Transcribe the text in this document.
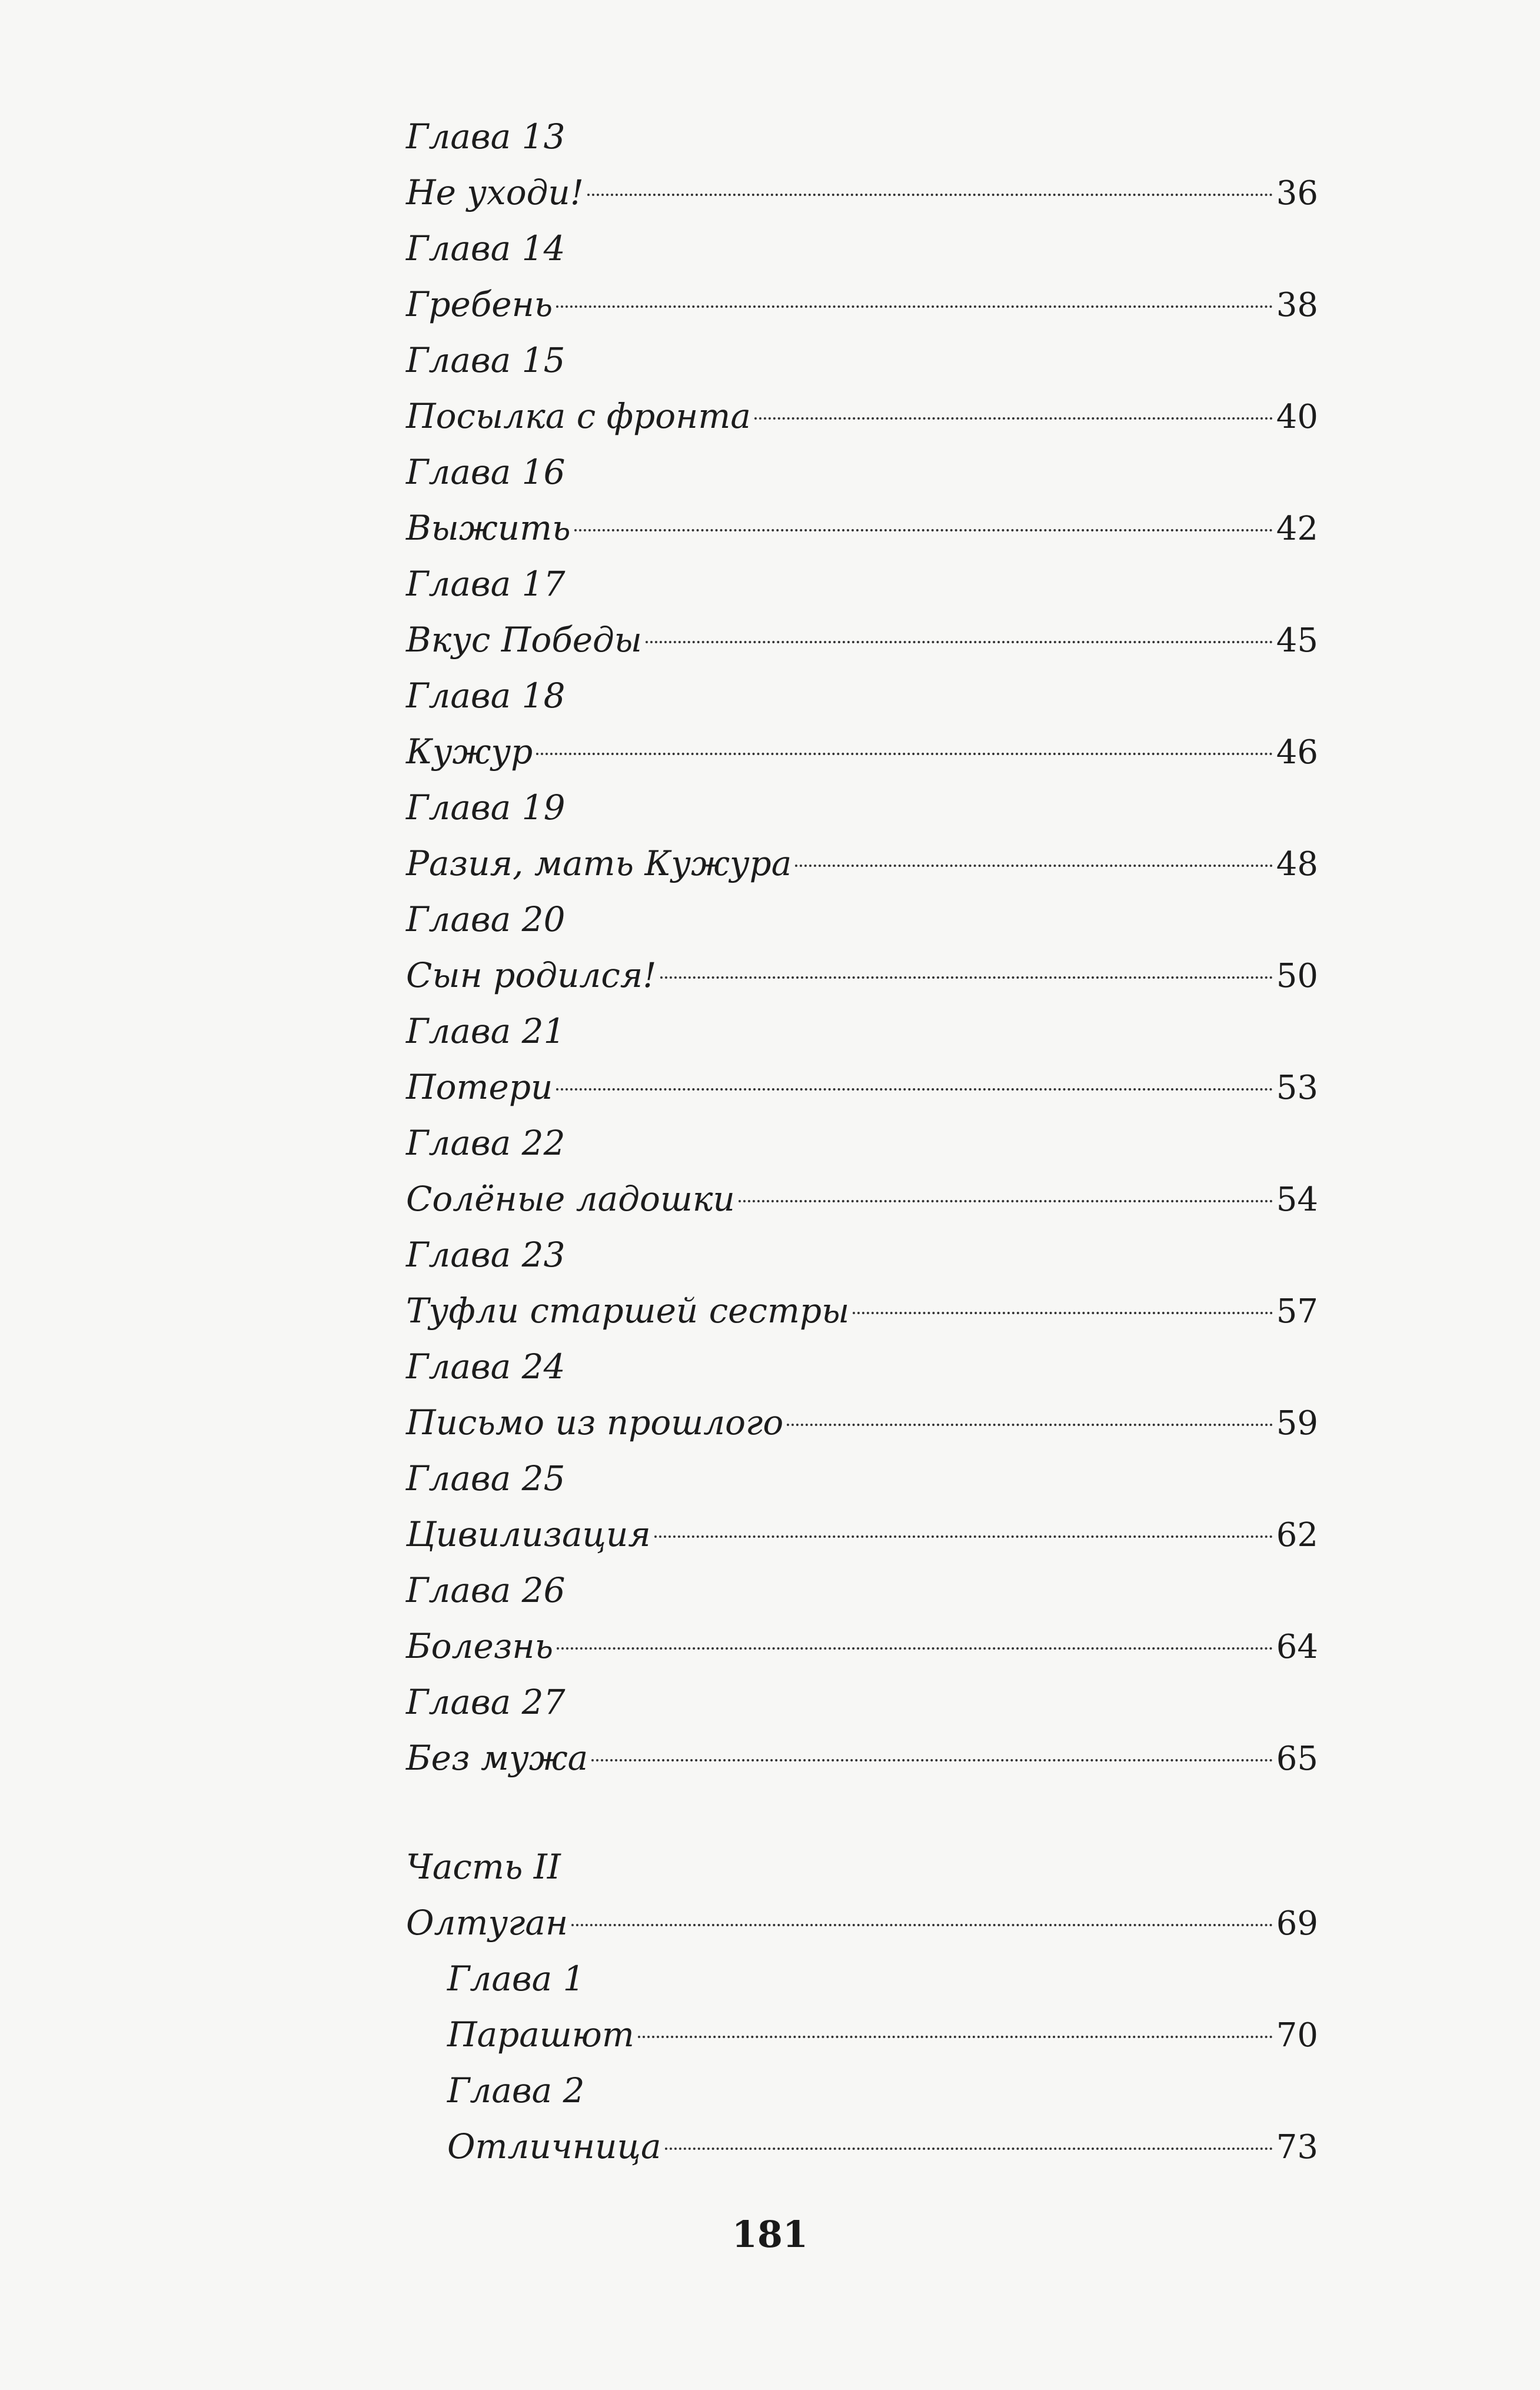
Глава 13
Не уходи!	36
Глава 14
Гребень	38
Глава 15
Посылка с фронта	40
Глава 16
Выжить	42
Глава 17
Вкус Победы	45
Глава 18
Кужур	46
Глава 19
Разия, мать Кужура	48
Глава 20
Сын родился!	50
Глава 21
Потери	53
Глава 22
Солёные ладошки	54
Глава 23
Туфли старшей сестры	57
Глава 24
Письмо из прошлого	59
Глава 25
Цивилизация	62
Глава 26
Болезнь	64
Глава 27
Без мужа	65
Часть II
Олтуган	69
Глава 1
Парашют	70
Глава 2
Отличница	73
181
